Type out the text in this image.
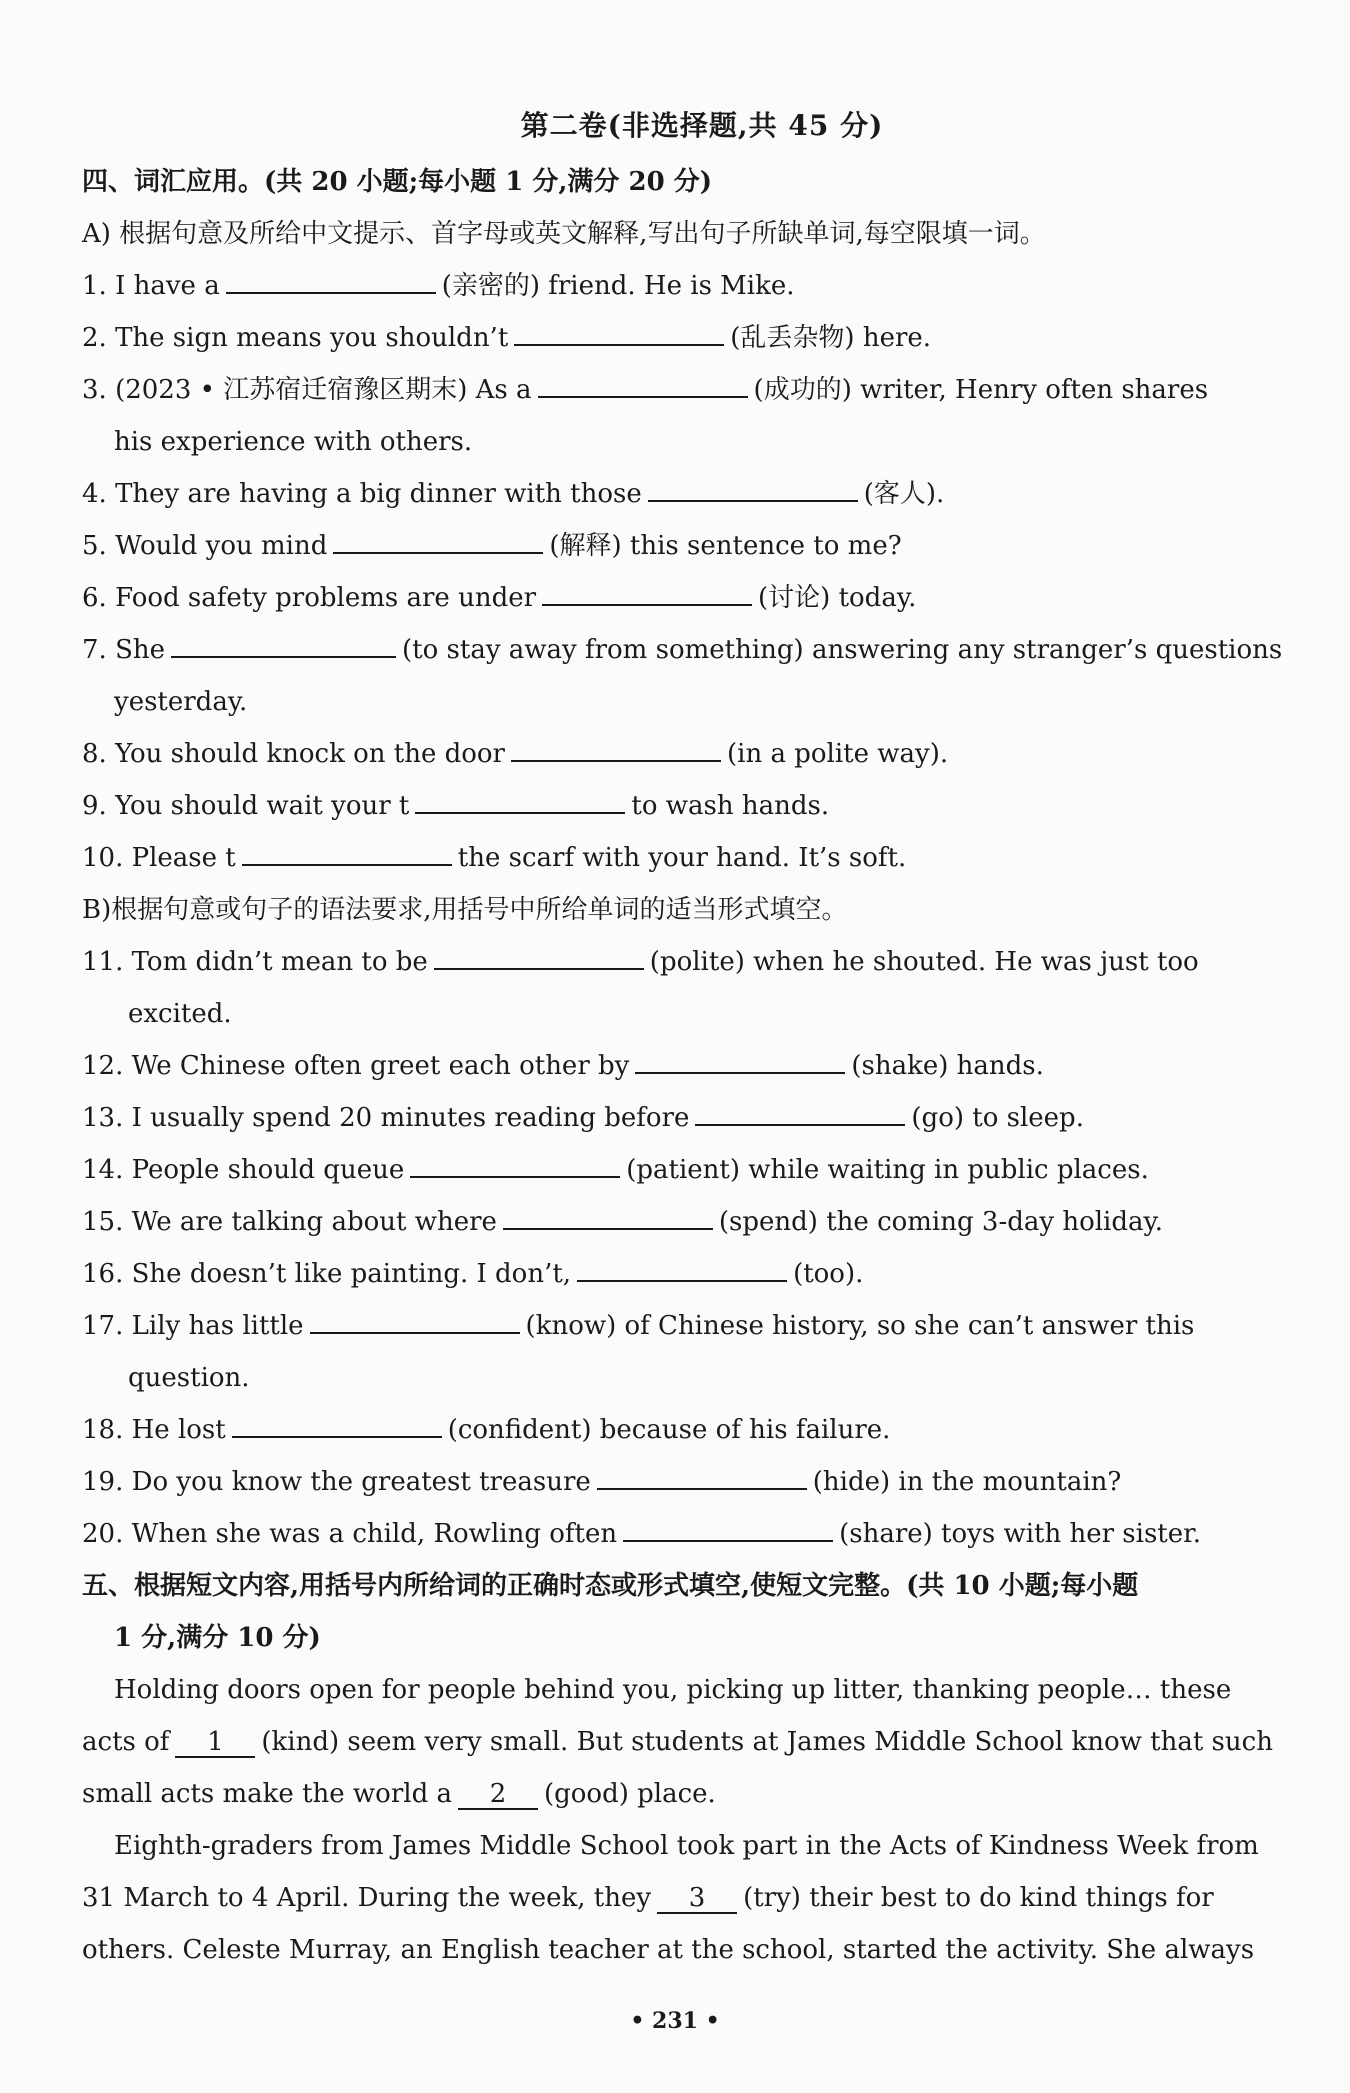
第二卷(非选择题,共 45 分)
四、词汇应用。(共 20 小题;每小题 1 分,满分 20 分)
A) 根据句意及所给中文提示、首字母或英文解释,写出句子所缺单词,每空限填一词。
1. I have a	(亲密的) friend. He is Mike.
2. The sign means you shouldn’t	(乱丢杂物) here.
3. (2023 • 江苏宿迁宿豫区期末) As a	(成功的) writer, Henry often shares
his experience with others.
4. They are having a big dinner with those	(客人).
5. Would you mind	(解释) this sentence to me?
6. Food safety problems are under	(讨论) today.
7. She	(to stay away from something) answering any stranger’s questions
yesterday.
8. You should knock on the door	(in a polite way).
9. You should wait your t	to wash hands.
10. Please t	the scarf with your hand. It’s soft.
B)根据句意或句子的语法要求,用括号中所给单词的适当形式填空。
11. Tom didn’t mean to be	(polite) when he shouted. He was just too
excited.
12. We Chinese often greet each other by	(shake) hands.
13. I usually spend 20 minutes reading before	(go) to sleep.
14. People should queue	(patient) while waiting in public places.
15. We are talking about where	(spend) the coming 3-day holiday.
16. She doesn’t like painting. I don’t,	(too).
17. Lily has little	(know) of Chinese history, so she can’t answer this
question.
18. He lost	(confident) because of his failure.
19. Do you know the greatest treasure	(hide) in the mountain?
20. When she was a child, Rowling often	(share) toys with her sister.
五、根据短文内容,用括号内所给词的正确时态或形式填空,使短文完整。(共 10 小题;每小题
1 分,满分 10 分)
Holding doors open for people behind you, picking up litter, thanking people… these
acts of 1 (kind) seem very small. But students at James Middle School know that such
small acts make the world a 2 (good) place.
Eighth-graders from James Middle School took part in the Acts of Kindness Week from
31 March to 4 April. During the week, they 3 (try) their best to do kind things for
others. Celeste Murray, an English teacher at the school, started the activity. She always
• 231 •
